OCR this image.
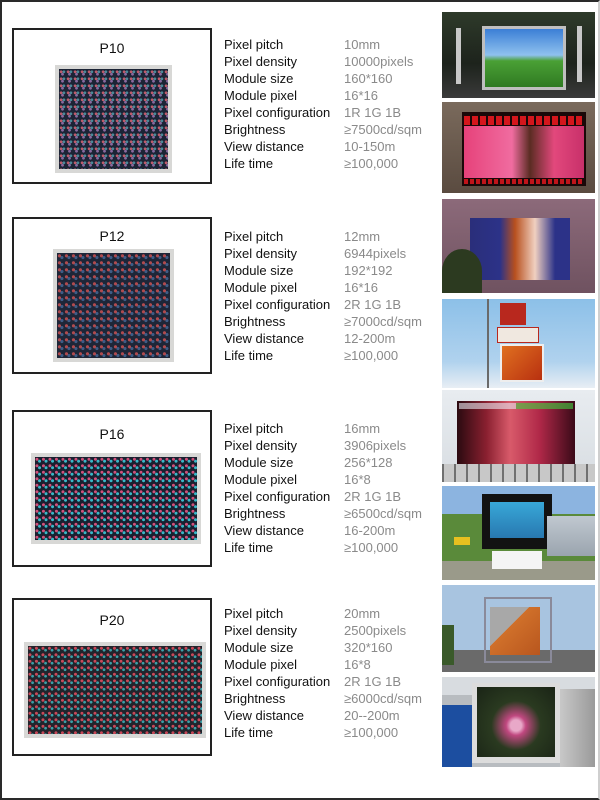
P10	Pixel pitch	10mm
Pixel density	10000pixels
Module size	160*160
Module pixel	16*16
Pixel configuration 1R 1G 1B
Brightness	≥7500cd/sqm
View distance	10-150m
Life time	≥100,000
P12	Pixel pitch	12mm
Pixel density	6944pixels
Module size	192*192
Module pixel	16*16
Pixel configuration 2R 1G 1B
Brightness	≥7000cd/sqm
View distance	12-200m
Life time	≥100,000
P16	Pixel pitch	16mm
Pixel density	3906pixels
Module size	256*128
Module pixel	16*8
Pixel configuration 2R 1G 1B
Brightness	≥6500cd/sqm
View distance	16-200m
Life time	≥100,000
P20	Pixel pitch	20mm
Pixel density	2500pixels
Module size	320*160
Module pixel	16*8
Pixel configuration 2R 1G 1B
Brightness	≥6000cd/sqm
View distance	20--200m
Life time	≥100,000
